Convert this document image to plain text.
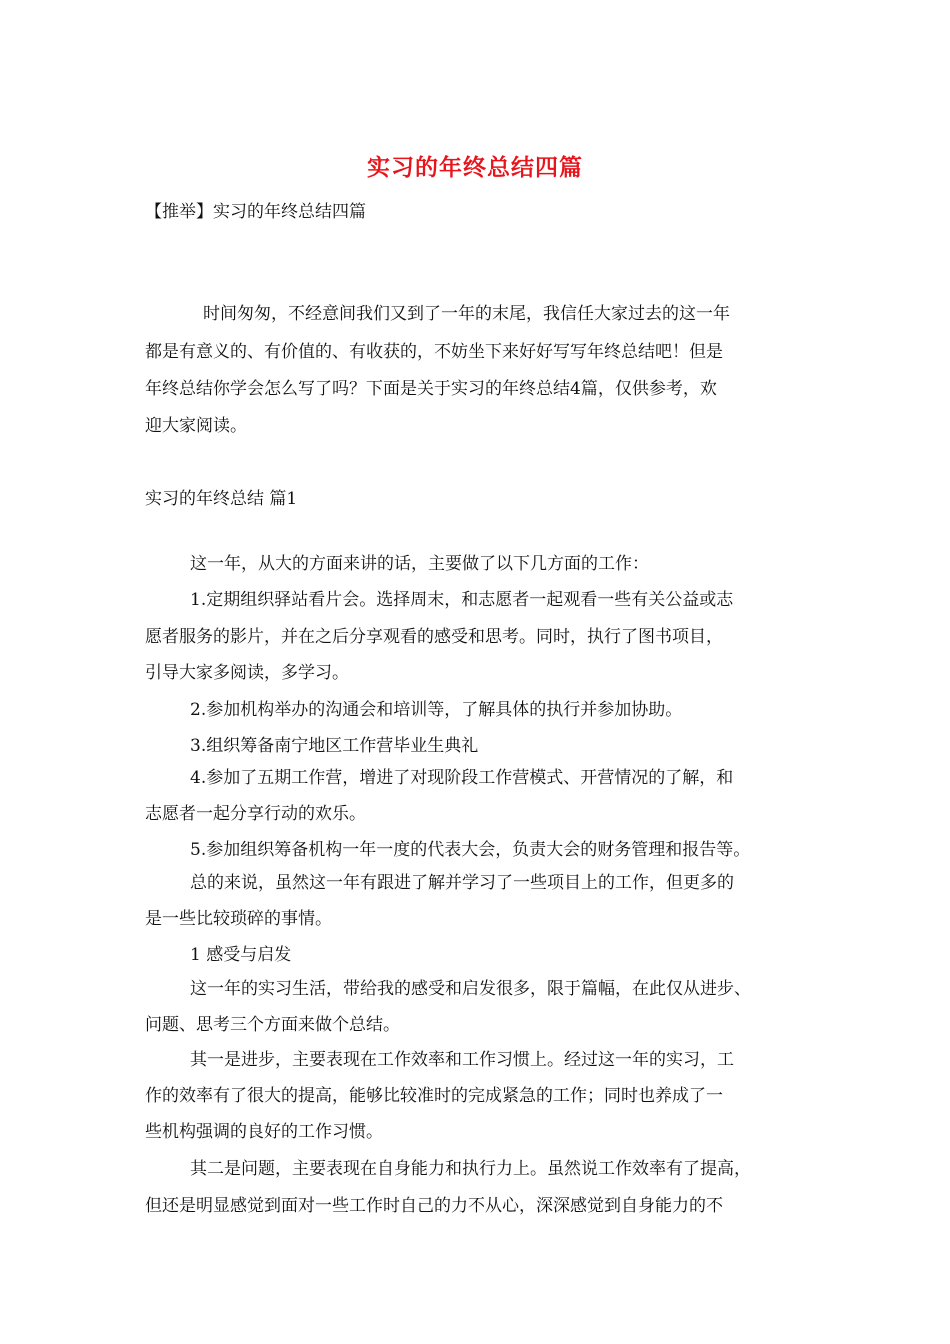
实习的年终总结四篇
【推举】实习的年终总结四篇
时间匆匆，不经意间我们又到了一年的末尾，我信任大家过去的这一年
都是有意义的、有价值的、有收获的，不妨坐下来好好写写年终总结吧！但是
年终总结你学会怎么写了吗？下面是关于实习的年终总结4篇，仅供参考，欢
迎大家阅读。
实习的年终总结 篇1
这一年，从大的方面来讲的话，主要做了以下几方面的工作：
1.定期组织驿站看片会。选择周末，和志愿者一起观看一些有关公益或志
愿者服务的影片，并在之后分享观看的感受和思考。同时，执行了图书项目，
引导大家多阅读，多学习。
2.参加机构举办的沟通会和培训等，了解具体的执行并参加协助。
3.组织筹备南宁地区工作营毕业生典礼
4.参加了五期工作营，增进了对现阶段工作营模式、开营情况的了解，和
志愿者一起分享行动的欢乐。
5.参加组织筹备机构一年一度的代表大会，负责大会的财务管理和报告等。
总的来说，虽然这一年有跟进了解并学习了一些项目上的工作，但更多的
是一些比较琐碎的事情。
1 感受与启发
这一年的实习生活，带给我的感受和启发很多，限于篇幅，在此仅从进步、
问题、思考三个方面来做个总结。
其一是进步，主要表现在工作效率和工作习惯上。经过这一年的实习，工
作的效率有了很大的提高，能够比较准时的完成紧急的工作；同时也养成了一
些机构强调的良好的工作习惯。
其二是问题，主要表现在自身能力和执行力上。虽然说工作效率有了提高，
但还是明显感觉到面对一些工作时自己的力不从心，深深感觉到自身能力的不
